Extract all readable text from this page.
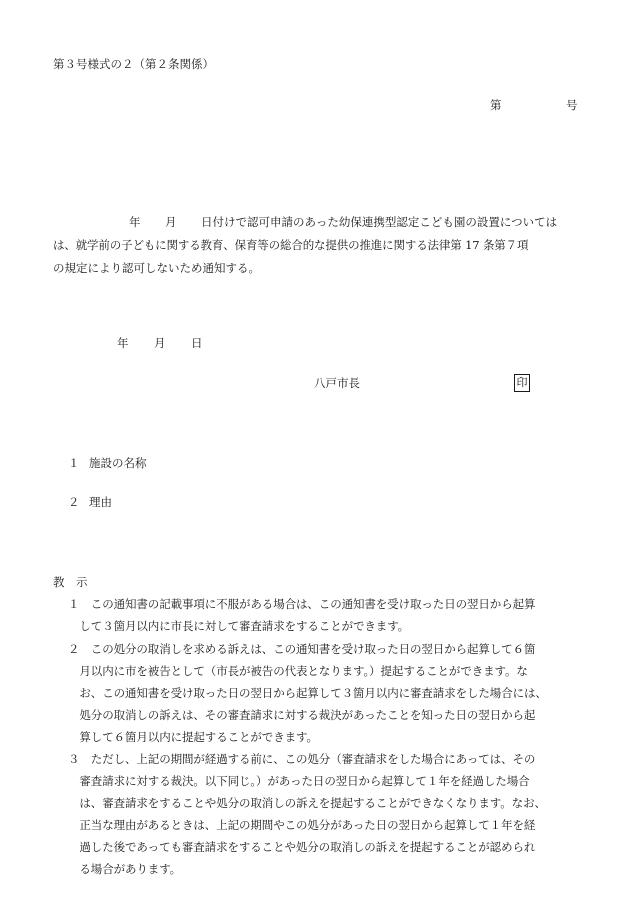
第３号様式の２（第２条関係）
第	号
年 月 日付けで認可申請のあった幼保連携型認定こども園の設置については
は、就学前の子どもに関する教育、保育等の総合的な提供の推進に関する法律第 17 条第７項
の規定により認可しないため通知する。
年 月 日
八戸市長	印
１ 施設の名称
２ 理由
教　示
１　この通知書の記載事項に不服がある場合は、この通知書を受け取った日の翌日から起算
　して３箇月以内に市長に対して審査請求をすることができます。
２　この処分の取消しを求める訴えは、この通知書を受け取った日の翌日から起算して６箇
　月以内に市を被告として（市長が被告の代表となります。）提起することができます。な
　お、この通知書を受け取った日の翌日から起算して３箇月以内に審査請求をした場合には、
　処分の取消しの訴えは、その審査請求に対する裁決があったことを知った日の翌日から起
　算して６箇月以内に提起することができます。
３　ただし、上記の期間が経過する前に、この処分（審査請求をした場合にあっては、その
　審査請求に対する裁決。以下同じ。）があった日の翌日から起算して１年を経過した場合
　は、審査請求をすることや処分の取消しの訴えを提起することができなくなります。なお、
　正当な理由があるときは、上記の期間やこの処分があった日の翌日から起算して１年を経
　過した後であっても審査請求をすることや処分の取消しの訴えを提起することが認められ
　る場合があります。
